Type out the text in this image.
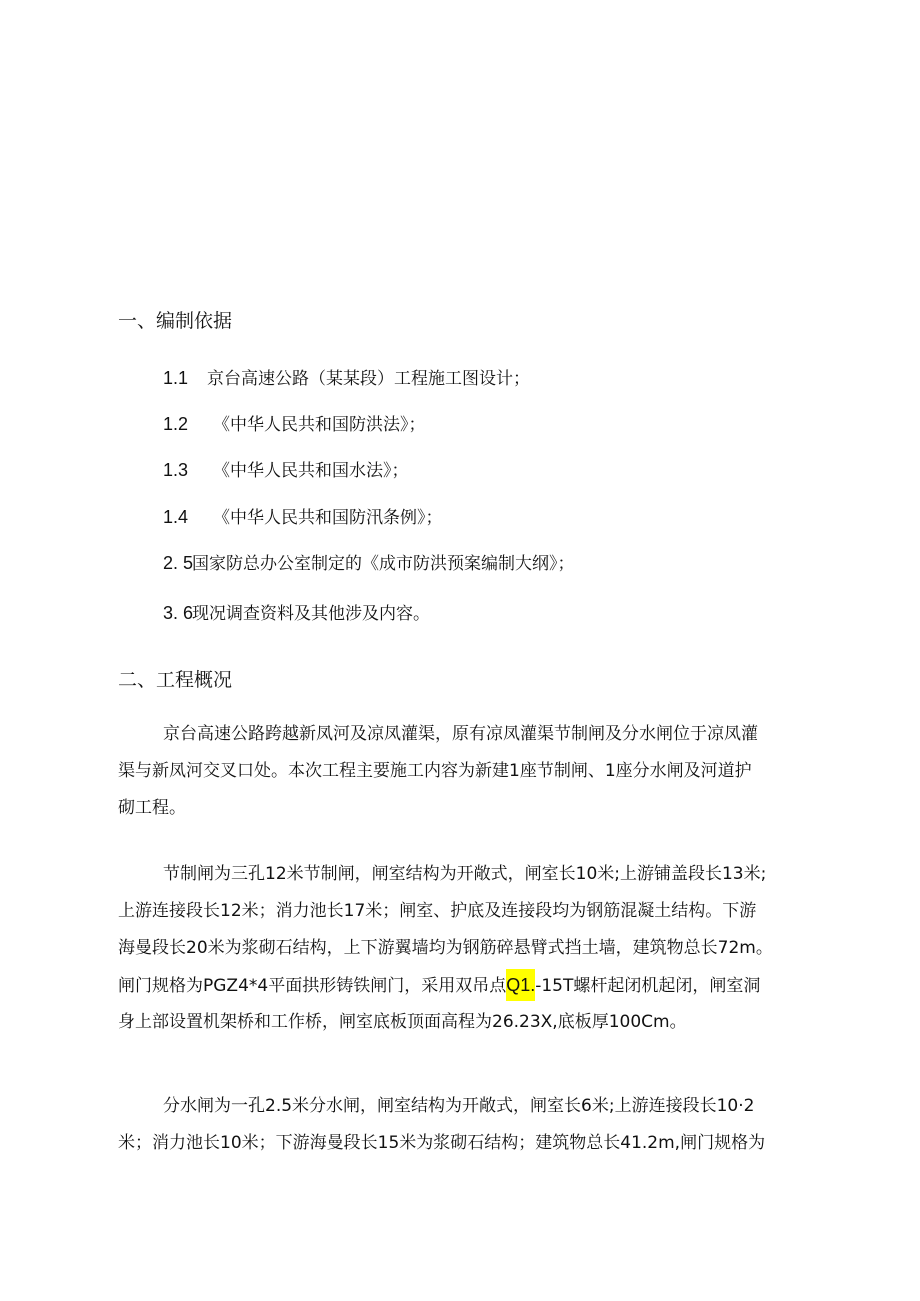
一、编制依据
1.1 京台高速公路（某某段）工程施工图设计；
1.2 《中华人民共和国防洪法》；
1.3 《中华人民共和国水法》；
1.4 《中华人民共和国防汛条例》；
2. 5国家防总办公室制定的《成市防洪预案编制大纲》；
3. 6现况调查资料及其他涉及内容。
二、工程概况
京台高速公路跨越新凤河及凉凤灌渠，原有凉凤灌渠节制闸及分水闸位于凉凤灌
渠与新凤河交叉口处。本次工程主要施工内容为新建1座节制闸、1座分水闸及河道护
砌工程。
节制闸为三孔12米节制闸，闸室结构为开敞式，闸室长10米;上游铺盖段长13米;
上游连接段长12米；消力池长17米；闸室、护底及连接段均为钢筋混凝土结构。下游
海曼段长20米为浆砌石结构，上下游翼墙均为钢筋碎悬臂式挡土墙，建筑物总长72m。
闸门规格为PGZ4*4平面拱形铸铁闸门，采用双吊点Q1.-15T螺杆起闭机起闭，闸室洞
身上部设置机架桥和工作桥，闸室底板顶面高程为26.23X,底板厚100Cm。
分水闸为一孔2.5米分水闸，闸室结构为开敞式，闸室长6米;上游连接段长10·2
米；消力池长10米；下游海曼段长15米为浆砌石结构；建筑物总长41.2m,闸门规格为
